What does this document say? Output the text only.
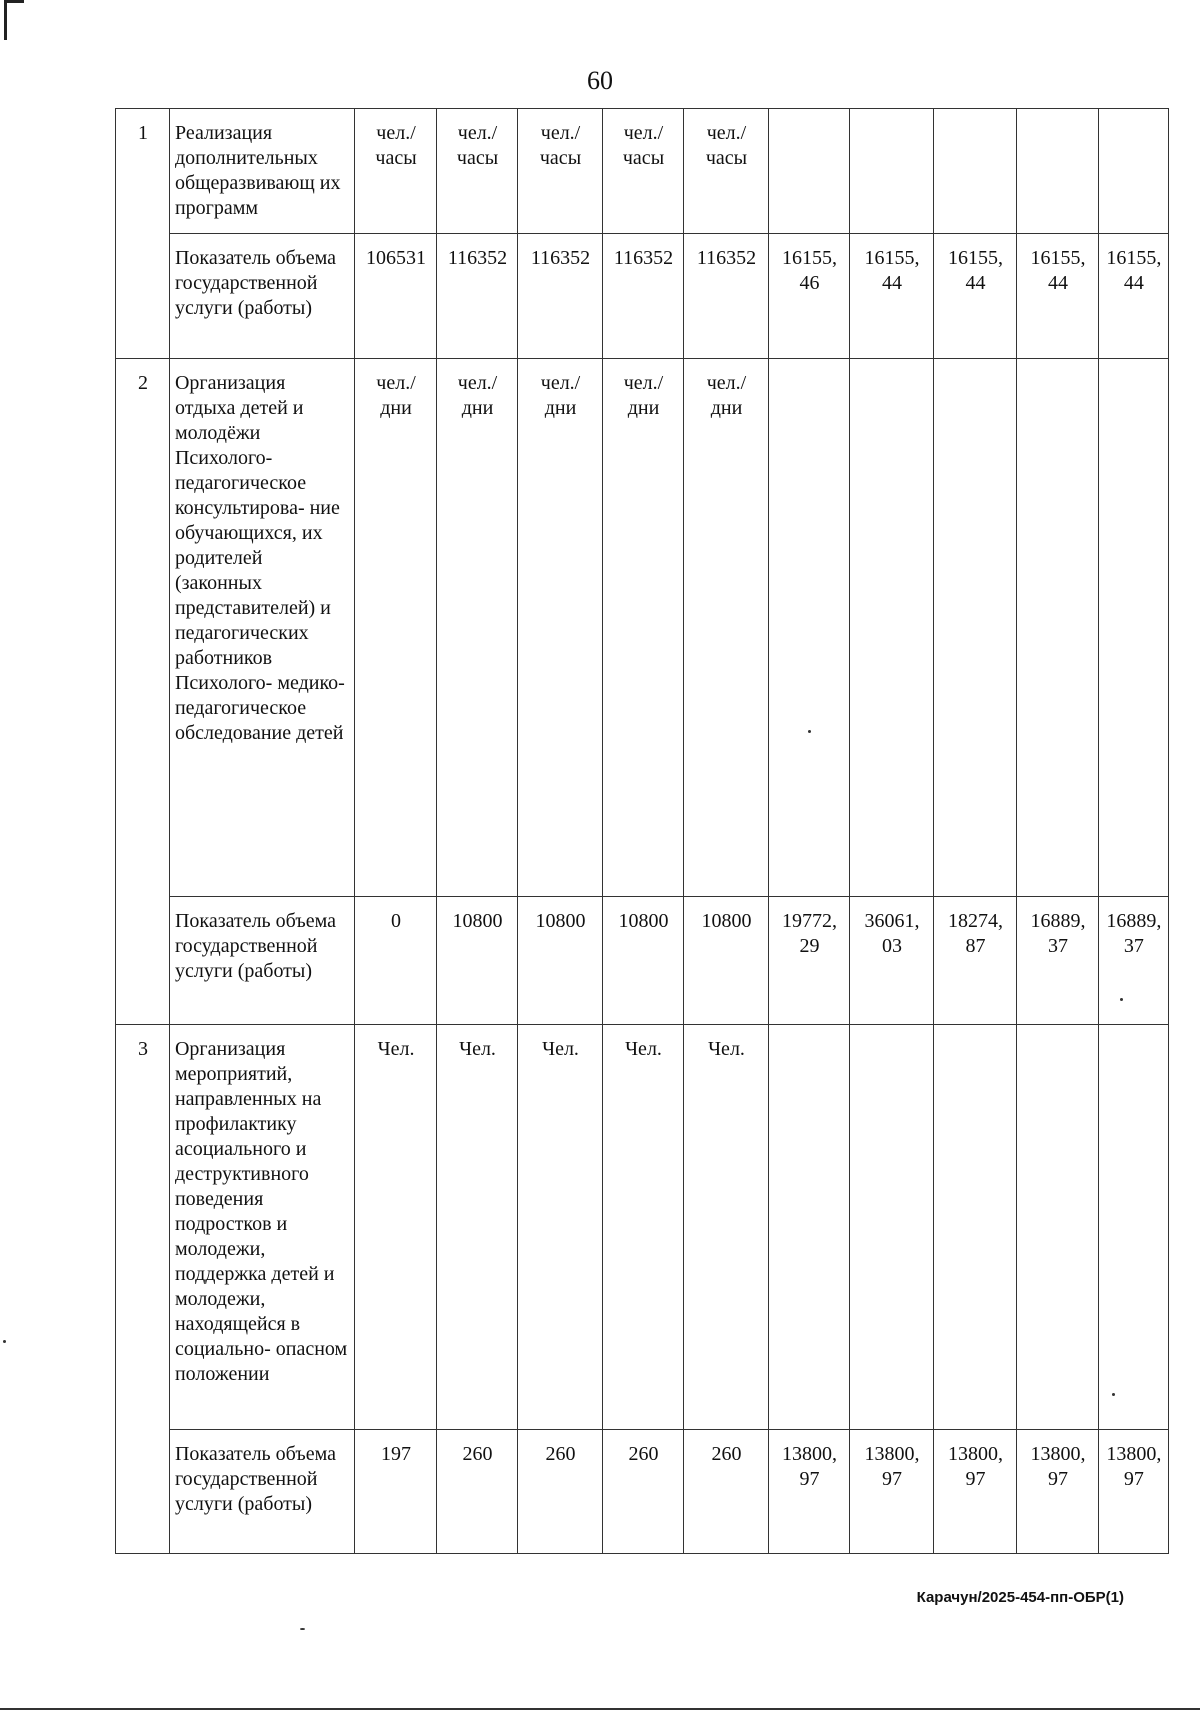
60
1	Реализация дополнительных общеразвивающ их программ	чел./ часы	чел./ часы	чел./ часы	чел./ часы	чел./ часы					
	Показатель объема государственной услуги (работы)	106531	116352	116352	116352	116352	16155, 46	16155, 44	16155, 44	16155, 44	16155, 44
2	Организация отдыха детей и молодёжи Психолого- педагогическое консультирова- ние обучающихся, их родителей (законных представителей) и педагогических работников Психолого- медико- педагогическое обследование детей	чел./ дни	чел./ дни	чел./ дни	чел./ дни	чел./ дни					
	Показатель объема государственной услуги (работы)	0	10800	10800	10800	10800	19772, 29	36061, 03	18274, 87	16889, 37	16889, 37
3	Организация мероприятий, направленных на профилактику асоциального и деструктивного поведения подростков и молодежи, поддержка детей и молодежи, находящейся в социально- опасном положении	Чел.	Чел.	Чел.	Чел.	Чел.					
	Показатель объема государственной услуги (работы)	197	260	260	260	260	13800, 97	13800, 97	13800, 97	13800, 97	13800, 97
Карачун/2025-454-пп-ОБР(1)
